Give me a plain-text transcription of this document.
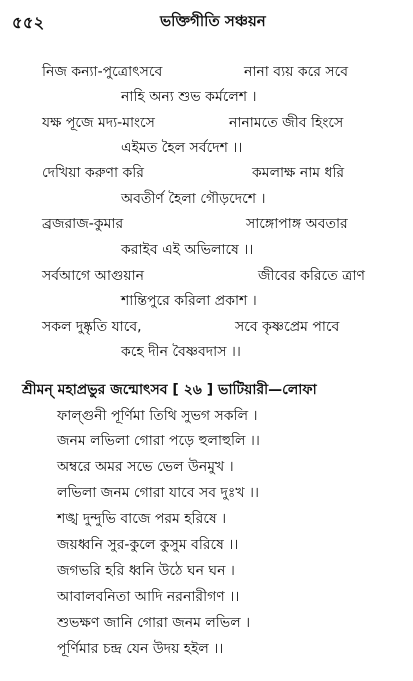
৫৫২	ভক্তিগীতি সঞ্চয়ন
নিজ কন্যা-পুত্রোৎসবে	নানা ব্যয় করে সবে
নাহি অন্য শুভ কর্মলেশ ।
যক্ষ পূজে মদ্য-মাংসে	নানামতে জীব হিংসে
এইমত হৈল সর্বদেশ ।।
দেখিয়া করুণা করি	কমলাক্ষ নাম ধরি
অবতীর্ণ হৈলা গৌড়দেশে ।
ব্রজরাজ-কুমার	সাঙ্গোপাঙ্গ অবতার
করাইব এই অভিলাষে ।।
সর্বআগে আগুয়ান	জীবের করিতে ত্রাণ
শান্তিপুরে করিলা প্রকাশ ।
সকল দুষ্কৃতি যাবে,	সবে কৃষ্ণপ্রেম পাবে
কহে দীন বৈষ্ণবদাস ।।
শ্রীমন্ মহাপ্রভুর জন্মোৎসব [ ২৬ ] ভাটিয়ারী—লোফা
ফাল্গুনী পূর্ণিমা তিথি সুভগ সকলি ।
জনম লভিলা গোরা পড়ে হুলাহুলি ।।
অম্বরে অমর সভে ভেল উনমুখ ।
লভিলা জনম গোরা যাবে সব দুঃখ ।।
শঙ্খ দুন্দুভি বাজে পরম হরিষে ।
জয়ধ্বনি সুর-কুলে কুসুম বরিষে ।।
জগভরি হরি ধ্বনি উঠে ঘন ঘন ।
আবালবনিতা আদি নরনারীগণ ।।
শুভক্ষণ জানি গোরা জনম লভিল ।
পূর্ণিমার চন্দ্র যেন উদয় হইল ।।
